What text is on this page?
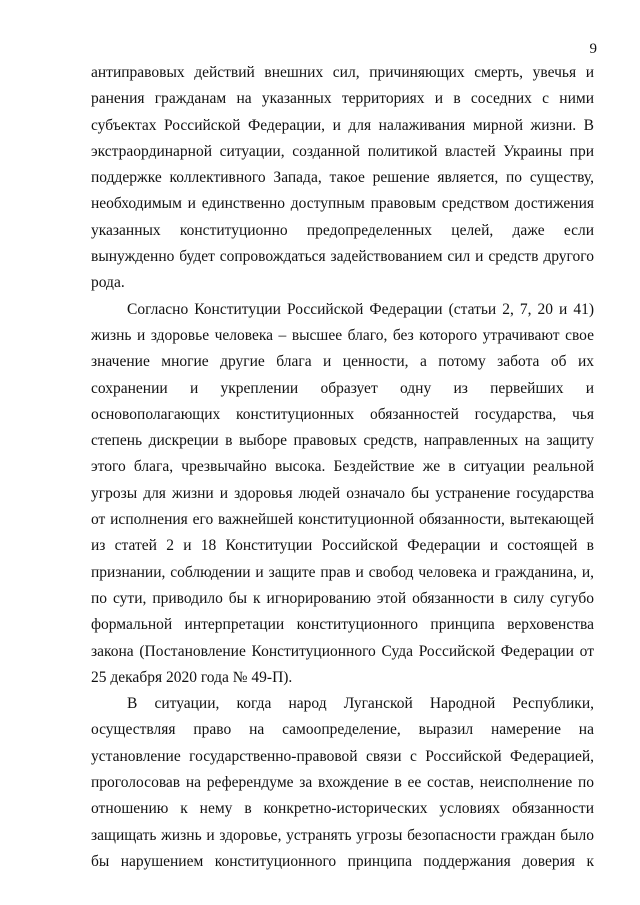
9
антиправовых действий внешних сил, причиняющих смерть, увечья и
ранения гражданам на указанных территориях и в соседних с ними
субъектах Российской Федерации, и для налаживания мирной жизни. В
экстраординарной ситуации, созданной политикой властей Украины при
поддержке коллективного Запада, такое решение является, по существу,
необходимым и единственно доступным правовым средством достижения
указанных конституционно предопределенных целей, даже если
вынужденно будет сопровождаться задействованием сил и средств другого
рода.
Согласно Конституции Российской Федерации (статьи 2, 7, 20 и 41)
жизнь и здоровье человека – высшее благо, без которого утрачивают свое
значение многие другие блага и ценности, а потому забота об их
сохранении и укреплении образует одну из первейших и
основополагающих конституционных обязанностей государства, чья
степень дискреции в выборе правовых средств, направленных на защиту
этого блага, чрезвычайно высока. Бездействие же в ситуации реальной
угрозы для жизни и здоровья людей означало бы устранение государства
от исполнения его важнейшей конституционной обязанности, вытекающей
из статей 2 и 18 Конституции Российской Федерации и состоящей в
признании, соблюдении и защите прав и свобод человека и гражданина, и,
по сути, приводило бы к игнорированию этой обязанности в силу сугубо
формальной интерпретации конституционного принципа верховенства
закона (Постановление Конституционного Суда Российской Федерации от
25 декабря 2020 года № 49-П).
В ситуации, когда народ Луганской Народной Республики,
осуществляя право на самоопределение, выразил намерение на
установление государственно-правовой связи с Российской Федерацией,
проголосовав на референдуме за вхождение в ее состав, неисполнение по
отношению к нему в конкретно-исторических условиях обязанности
защищать жизнь и здоровье, устранять угрозы безопасности граждан было
бы нарушением конституционного принципа поддержания доверия к
